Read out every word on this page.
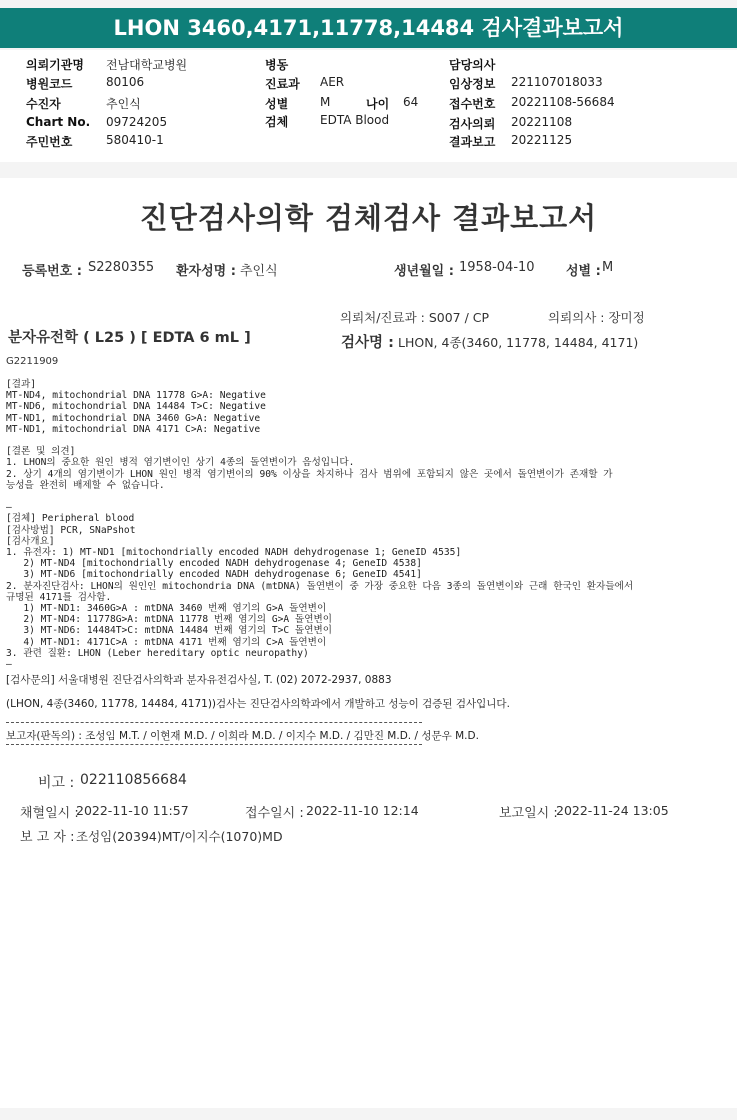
LHON 3460,4171,11778,14484 검사결과보고서
의뢰기관명 전남대학교병원
병원코드	80106
수진자	추인식
Chart No. 09724205
주민번호	580410-1
병동
진료과 AER
성별	M	나이 64
검체	EDTA Blood
담당의사
임상정보 221107018033
접수번호 20221108-56684
검사의뢰 20221108
결과보고 20221125
진단검사의학 검체검사 결과보고서
등록번호 : S2280355 환자성명 : 추인식	생년월일 : 1958-04-10 성별 : M
의뢰처/진료과 : S007 / CP	의뢰의사 : 장미정
분자유전학 ( L25 ) [ EDTA 6 mL ]	검사명 : LHON, 4종(3460, 11778, 14484, 4171)
G2211909
[결과]
MT-ND4, mitochondrial DNA 11778 G>A: Negative
MT-ND6, mitochondrial DNA 14484 T>C: Negative
MT-ND1, mitochondrial DNA 3460 G>A: Negative
MT-ND1, mitochondrial DNA 4171 C>A: Negative
[결론 및 의견]
1. LHON의 중요한 원인 병적 염기변이인 상기 4종의 돌연변이가 음성입니다.
2. 상기 4개의 염기변이가 LHON 원인 병적 염기변이의 90% 이상을 차지하나 검사 범위에 포함되지 않은 곳에서 돌연변이가 존재할 가
능성을 완전히 배제할 수 없습니다.
—
[검체] Peripheral blood
[검사방법] PCR, SNaPshot
[검사개요]
1. 유전자: 1) MT-ND1 [mitochondrially encoded NADH dehydrogenase 1; GeneID 4535]
2) MT-ND4 [mitochondrially encoded NADH dehydrogenase 4; GeneID 4538]
3) MT-ND6 [mitochondrially encoded NADH dehydrogenase 6; GeneID 4541]
2. 분자진단검사: LHON의 원인인 mitochondria DNA (mtDNA) 돌연변이 중 가장 중요한 다음 3종의 돌연변이와 근래 한국인 환자들에서
규명된 4171를 검사함.
1) MT-ND1: 3460G>A : mtDNA 3460 번째 염기의 G>A 돌연변이
2) MT-ND4: 11778G>A: mtDNA 11778 번째 염기의 G>A 돌연변이
3) MT-ND6: 14484T>C: mtDNA 14484 번째 염기의 T>C 돌연변이
4) MT-ND1: 4171C>A : mtDNA 4171 번째 염기의 C>A 돌연변이
3. 관련 질환: LHON (Leber hereditary optic neuropathy)
—
[검사문의] 서울대병원 진단검사의학과 분자유전검사실, T. (02) 2072-2937, 0883
(LHON, 4종(3460, 11778, 14484, 4171))검사는 진단검사의학과에서 개발하고 성능이 검증된 검사입니다.
보고자(판독의) : 조성임 M.T. / 이현재 M.D. / 이희라 M.D. / 이지수 M.D. / 김만진 M.D. / 성문우 M.D.
비고 : 022110856684
채혈일시 :
2022-11-10 11:57	접수일시 : 2022-11-10 12:14	보고일시 :
2022-11-24 13:05
보 고 자 : 조성임(20394)MT/이지수(1070)MD
